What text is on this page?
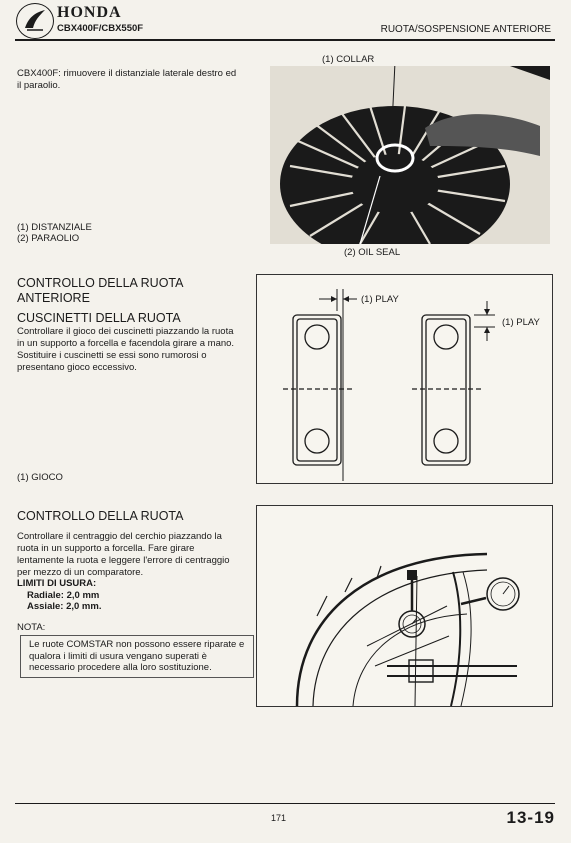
HONDA
CBX400F/CBX550F	RUOTA/SOSPENSIONE ANTERIORE
CBX400F: rimuovere il distanziale laterale destro ed il paraolio.
(1) DISTANZIALE
(2) PARAOLIO
(1) COLLAR
(2) OIL SEAL
CONTROLLO DELLA RUOTA ANTERIORE
CUSCINETTI DELLA RUOTA
Controllare il gioco dei cuscinetti piazzando la ruota in un supporto a forcella e facendola girare a mano. Sostituire i cuscinetti se essi sono rumorosi o presentano gioco eccessivo.
(1) GIOCO
(1) PLAY
(1) PLAY
CONTROLLO DELLA RUOTA
Controllare il centraggio del cerchio piazzando la ruota in un supporto a forcella. Fare girare lentamente la ruota e leggere l'errore di centraggio per mezzo di un comparatore.
LIMITI DI USURA:
Radiale: 2,0 mm
Assiale: 2,0 mm.
NOTA:
Le ruote COMSTAR non possono essere riparate e qualora i limiti di usura vengano superati è necessario procedere alla loro sostituzione.
171	13-19
